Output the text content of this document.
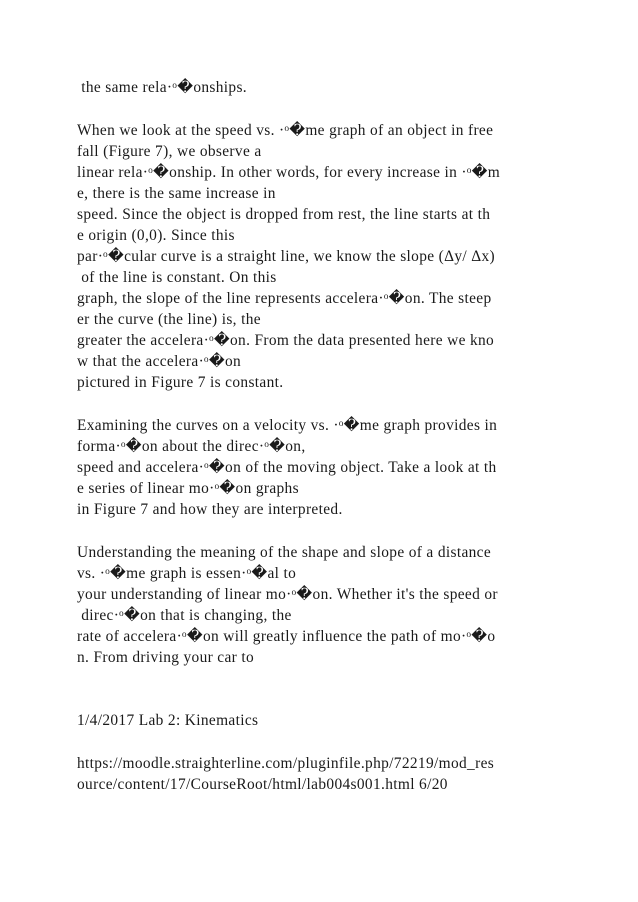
the same rela·ᵒ�onships.
When we look at the speed vs. ·ᵒ�me graph of an object in free
fall (Figure 7), we observe a
linear rela·ᵒ�onship. In other words, for every increase in ·ᵒ�m
e, there is the same increase in
speed. Since the object is dropped from rest, the line starts at th
e origin (0,0). Since this
par·ᵒ�cular curve is a straight line, we know the slope (Δy/ Δx)
of the line is constant. On this
graph, the slope of the line represents accelera·ᵒ�on. The steep
er the curve (the line) is, the
greater the accelera·ᵒ�on. From the data presented here we kno
w that the accelera·ᵒ�on
pictured in Figure 7 is constant.
Examining the curves on a velocity vs. ·ᵒ�me graph provides in
forma·ᵒ�on about the direc·ᵒ�on,
speed and accelera·ᵒ�on of the moving object. Take a look at th
e series of linear mo·ᵒ�on graphs
in Figure 7 and how they are interpreted.
Understanding the meaning of the shape and slope of a distance
vs. ·ᵒ�me graph is essen·ᵒ�al to
your understanding of linear mo·ᵒ�on. Whether it's the speed or
direc·ᵒ�on that is changing, the
rate of accelera·ᵒ�on will greatly influence the path of mo·ᵒ�o
n. From driving your car to
1/4/2017 Lab 2: Kinematics
https://moodle.straighterline.com/pluginfile.php/72219/mod_res
ource/content/17/CourseRoot/html/lab004s001.html 6/20
